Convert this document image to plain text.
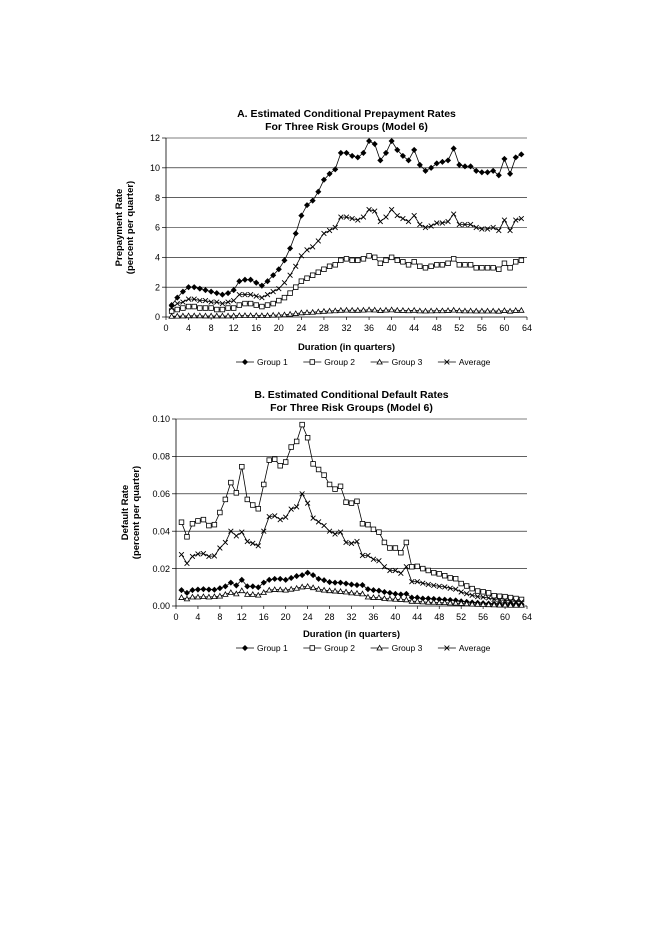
A. Estimated Conditional Prepayment Rates
For Three Risk Groups (Model 6)
0
2
4
6
8
10
12
0 4 8 12 16 20 24 28 32 36 40 44 48 52 56 60 64
Duration (in quarters)
Prepayment Rate (percent per quarter)
Group 1	Group 2	Group 3	Average
B. Estimated Conditional Default Rates
For Three Risk Groups (Model 6)
0.00
0.02
0.04
0.06
0.08
0.10
0 4 8 12 16 20 24 28 32 36 40 44 48 52 56 60 64
Duration (in quarters)
Default Rate (percent per quarter)
Group 1	Group 2	Group 3	Average
